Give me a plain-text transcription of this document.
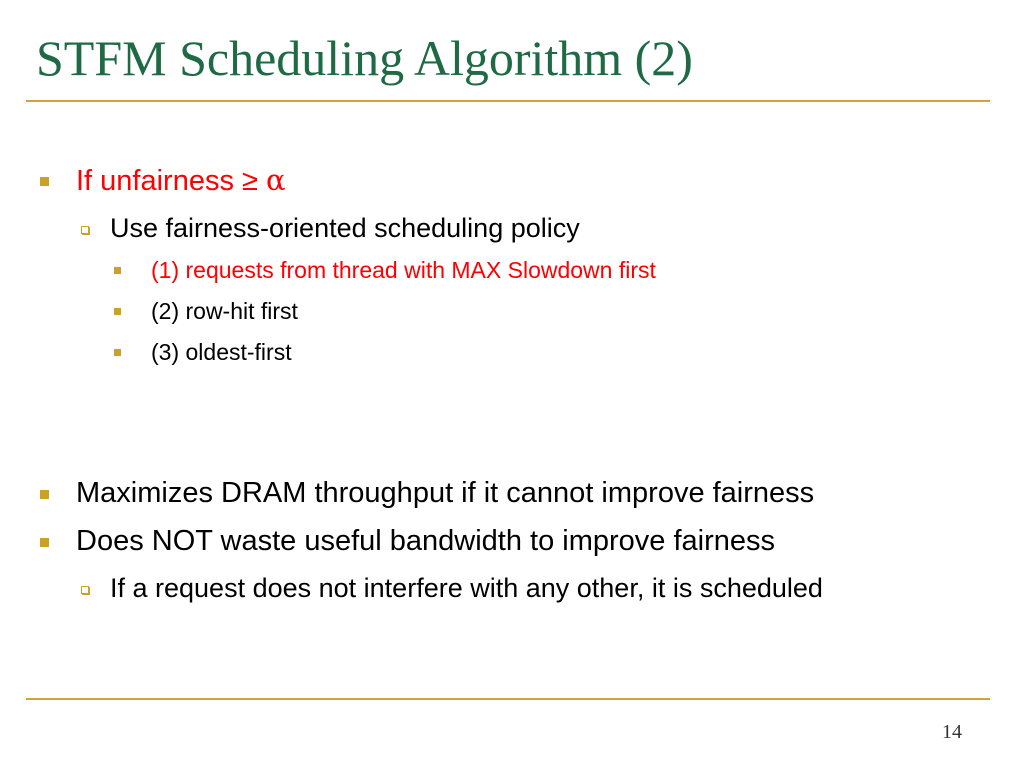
STFM Scheduling Algorithm (2)
If unfairness ≥ α
Use fairness-oriented scheduling policy
(1) requests from thread with MAX Slowdown first
(2) row-hit first
(3) oldest-first
Maximizes DRAM throughput if it cannot improve fairness
Does NOT waste useful bandwidth to improve fairness
If a request does not interfere with any other, it is scheduled
14
